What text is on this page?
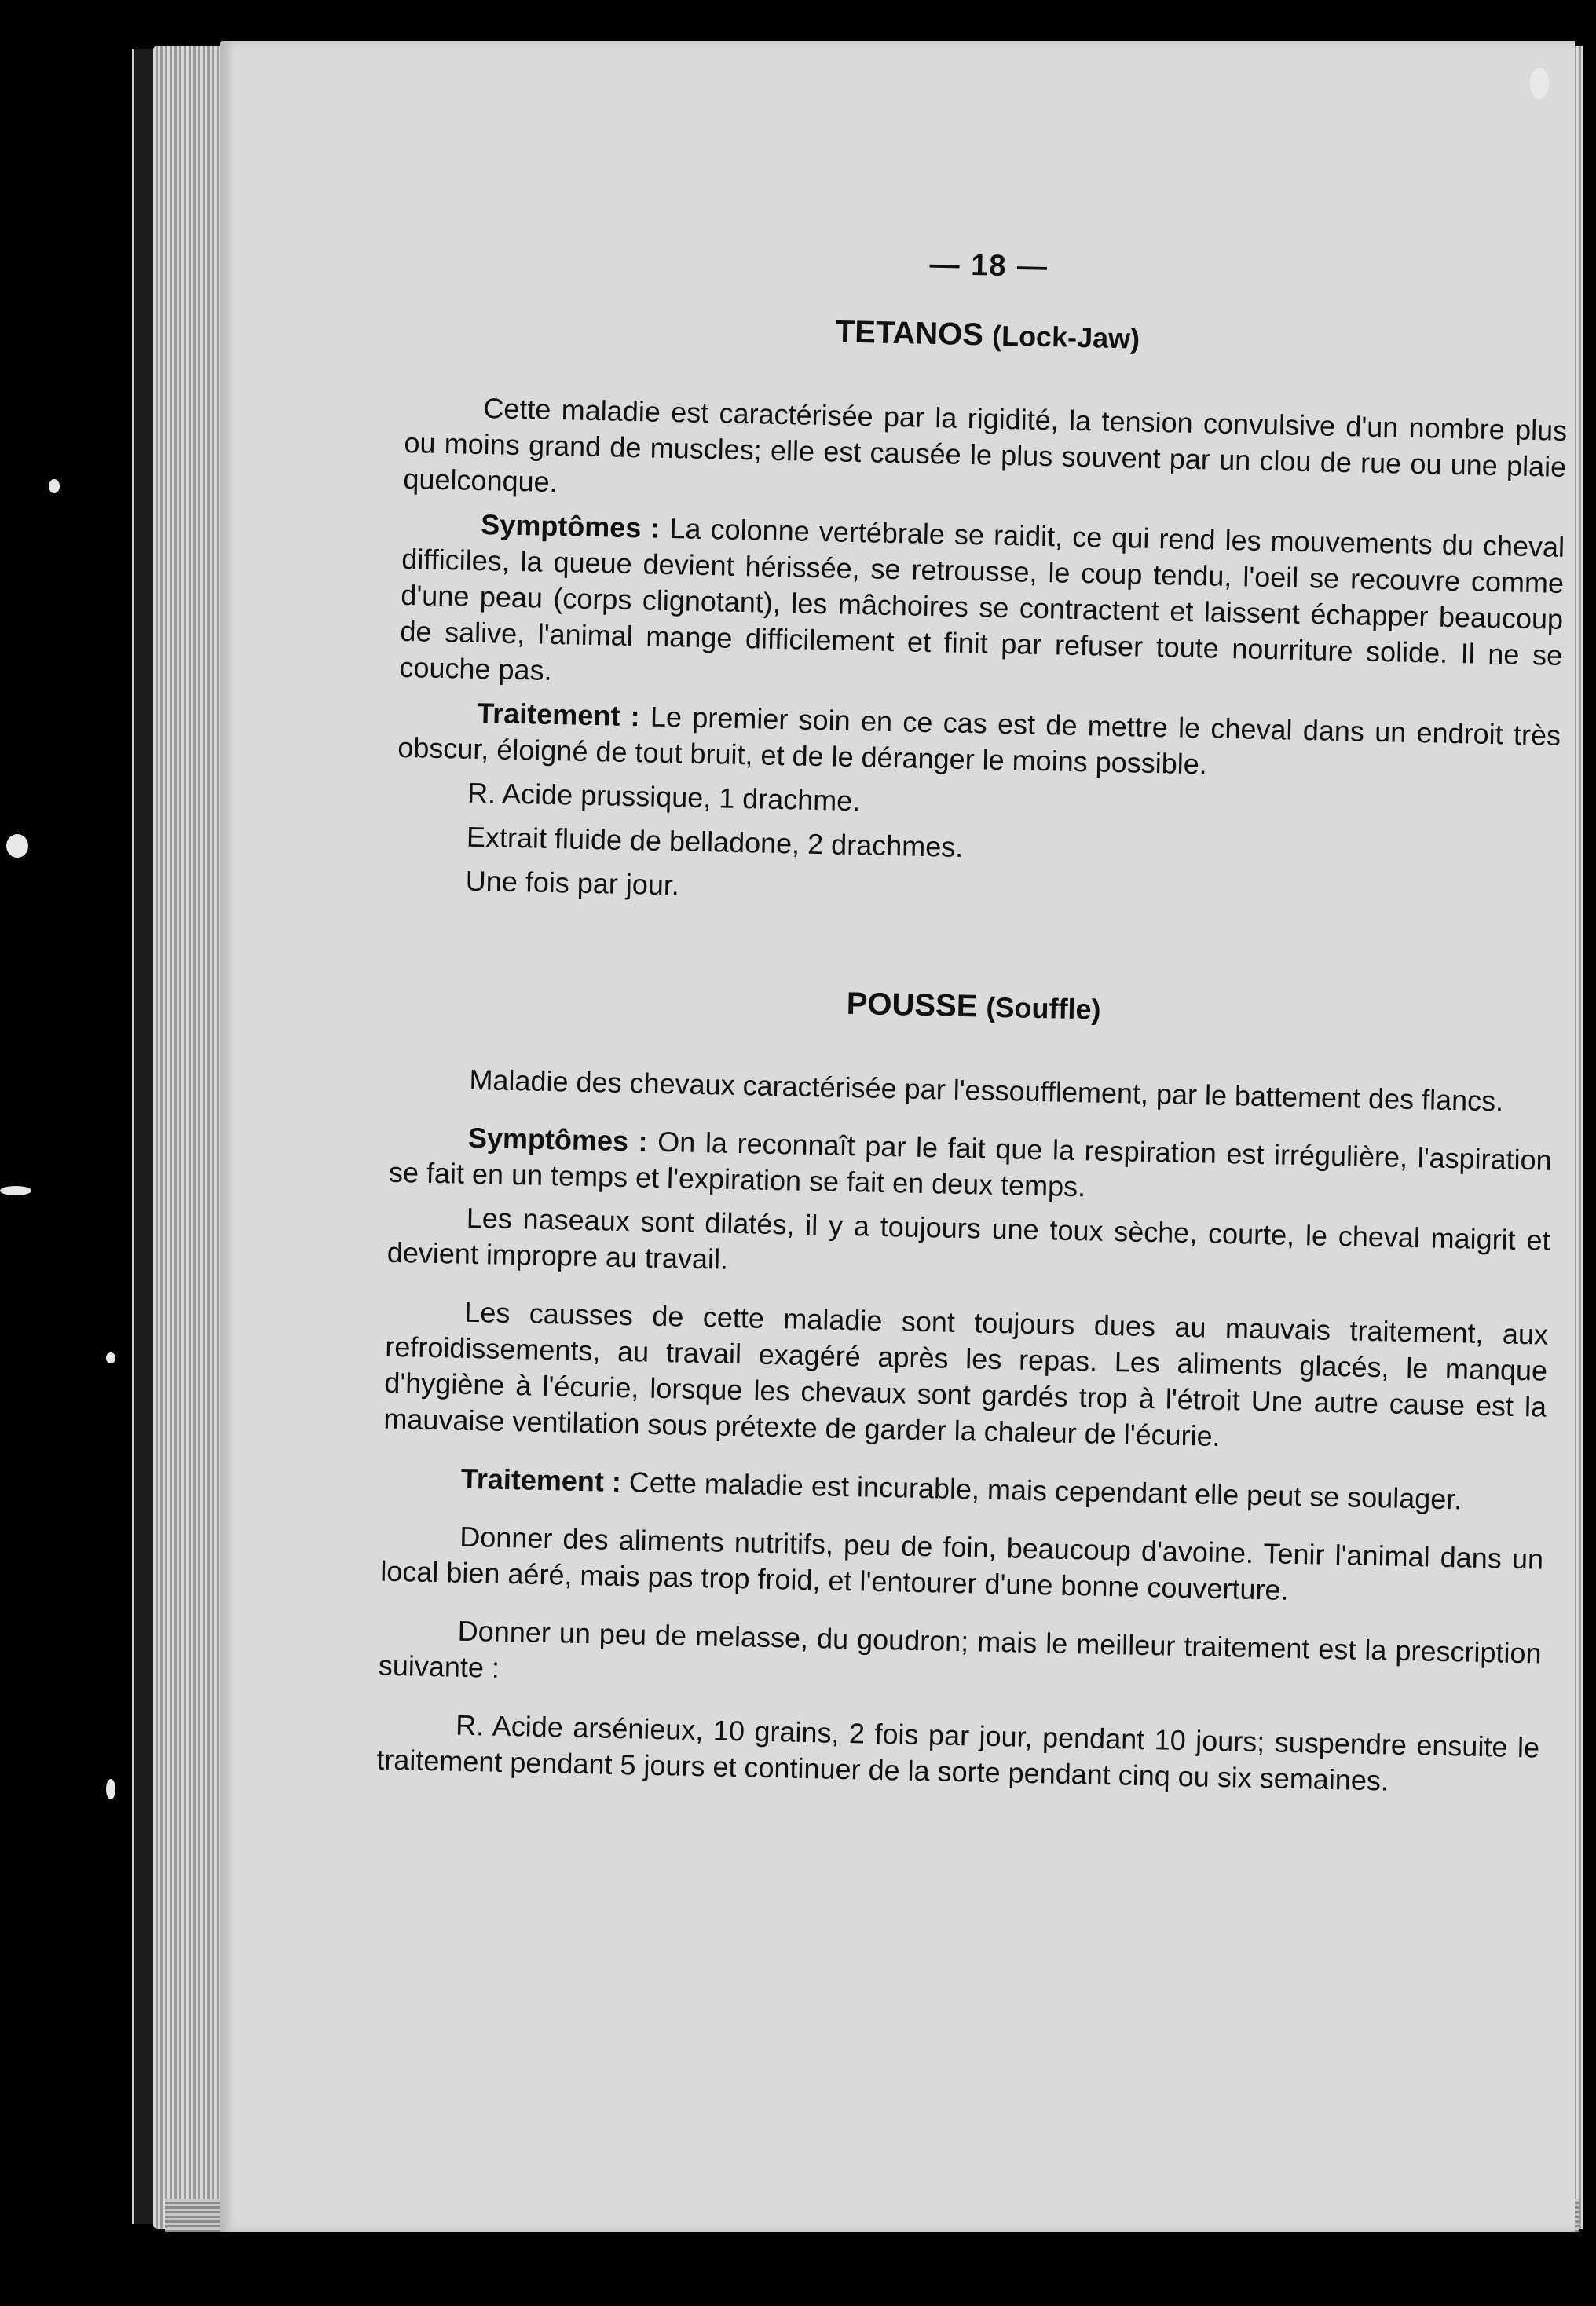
— 18 —
TETANOS (Lock-Jaw)

Cette maladie est caractérisée par la rigidité, la tension convulsive d'un nombre plus ou moins grand de muscles; elle est causée le plus souvent par un clou de rue ou une plaie quelconque.

Symptômes : La colonne vertébrale se raidit, ce qui rend les mouvements du cheval difficiles, la queue devient hérissée, se retrousse, le coup tendu, l'oeil se recouvre comme d'une peau (corps clignotant), les mâchoires se contractent et laissent échapper beaucoup de salive, l'animal mange difficilement et finit par refuser toute nourriture solide. Il ne se couche pas.

Traitement : Le premier soin en ce cas est de mettre le cheval dans un endroit très obscur, éloigné de tout bruit, et de le déranger le moins possible.

R. Acide prussique, 1 drachme.
Extrait fluide de belladone, 2 drachmes.
Une fois par jour.
POUSSE (Souffle)

Maladie des chevaux caractérisée par l'essoufflement, par le battement des flancs.

Symptômes : On la reconnaît par le fait que la respiration est irrégulière, l'aspiration se fait en un temps et l'expiration se fait en deux temps.

Les naseaux sont dilatés, il y a toujours une toux sèche, courte, le cheval maigrit et devient impropre au travail.

Les causses de cette maladie sont toujours dues au mauvais traitement, aux refroidissements, au travail exagéré après les repas. Les aliments glacés, le manque d'hygiène à l'écurie, lorsque les chevaux sont gardés trop à l'étroit Une autre cause est la mauvaise ventilation sous prétexte de garder la chaleur de l'écurie.

Traitement : Cette maladie est incurable, mais cependant elle peut se soulager.

Donner des aliments nutritifs, peu de foin, beaucoup d'avoine. Tenir l'animal dans un local bien aéré, mais pas trop froid, et l'entourer d'une bonne couverture.

Donner un peu de melasse, du goudron; mais le meilleur traitement est la prescription suivante :

R. Acide arsénieux, 10 grains, 2 fois par jour, pendant 10 jours; suspendre ensuite le traitement pendant 5 jours et continuer de la sorte pendant cinq ou six semaines.
